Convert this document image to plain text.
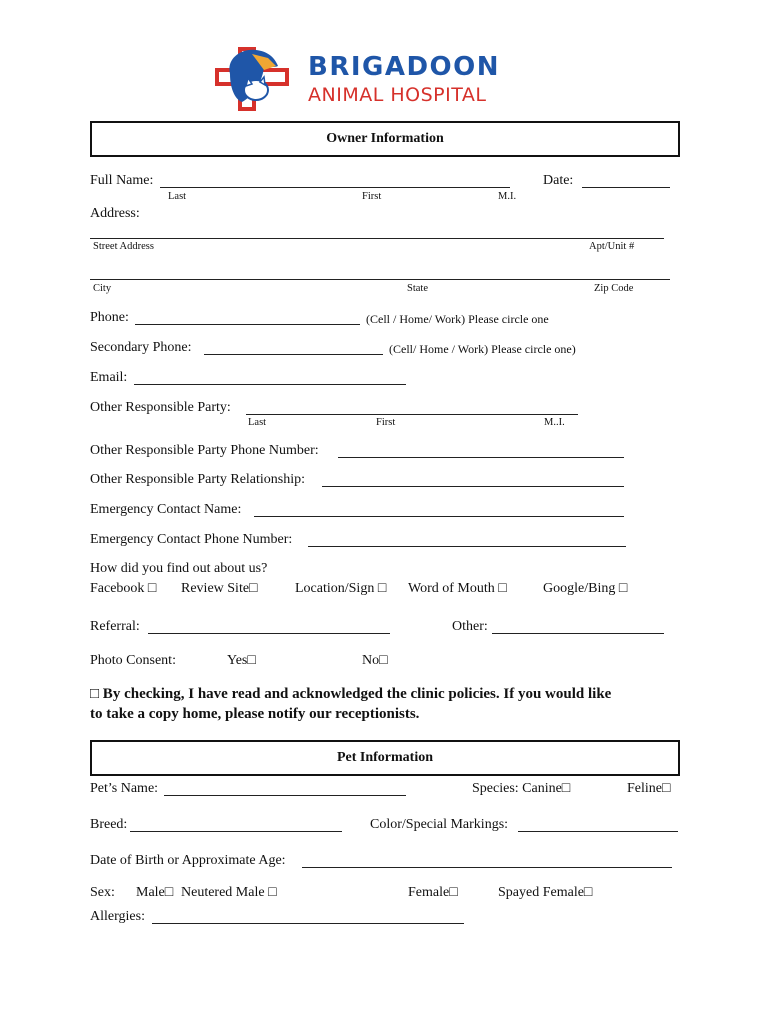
BRIGADOON
ANIMAL HOSPITAL
Owner Information
Full Name:
Last	First	M.I.
Date:
Address:
Street Address	Apt/Unit #
City	State	Zip Code
Phone:	(Cell / Home/ Work) Please circle one
Secondary Phone:	(Cell/ Home / Work) Please circle one)
Email:
Other Responsible Party:
Last	First	M..I.
Other Responsible Party Phone Number:
Other Responsible Party Relationship:
Emergency Contact Name:
Emergency Contact Phone Number:
How did you find out about us?
Facebook □ Review Site□	Location/Sign □ Word of Mouth □	Google/Bing □
Referral:	Other:
Photo Consent:	Yes□	No□
□ By checking, I have read and acknowledged the clinic policies. If you would like
to take a copy home, please notify our receptionists.
Pet Information
Pet’s Name:	Species: Canine□	Feline□
Breed:	Color/Special Markings:
Date of Birth or Approximate Age:
Sex: Male□ Neutered Male □	Female□	Spayed Female□
Allergies:
